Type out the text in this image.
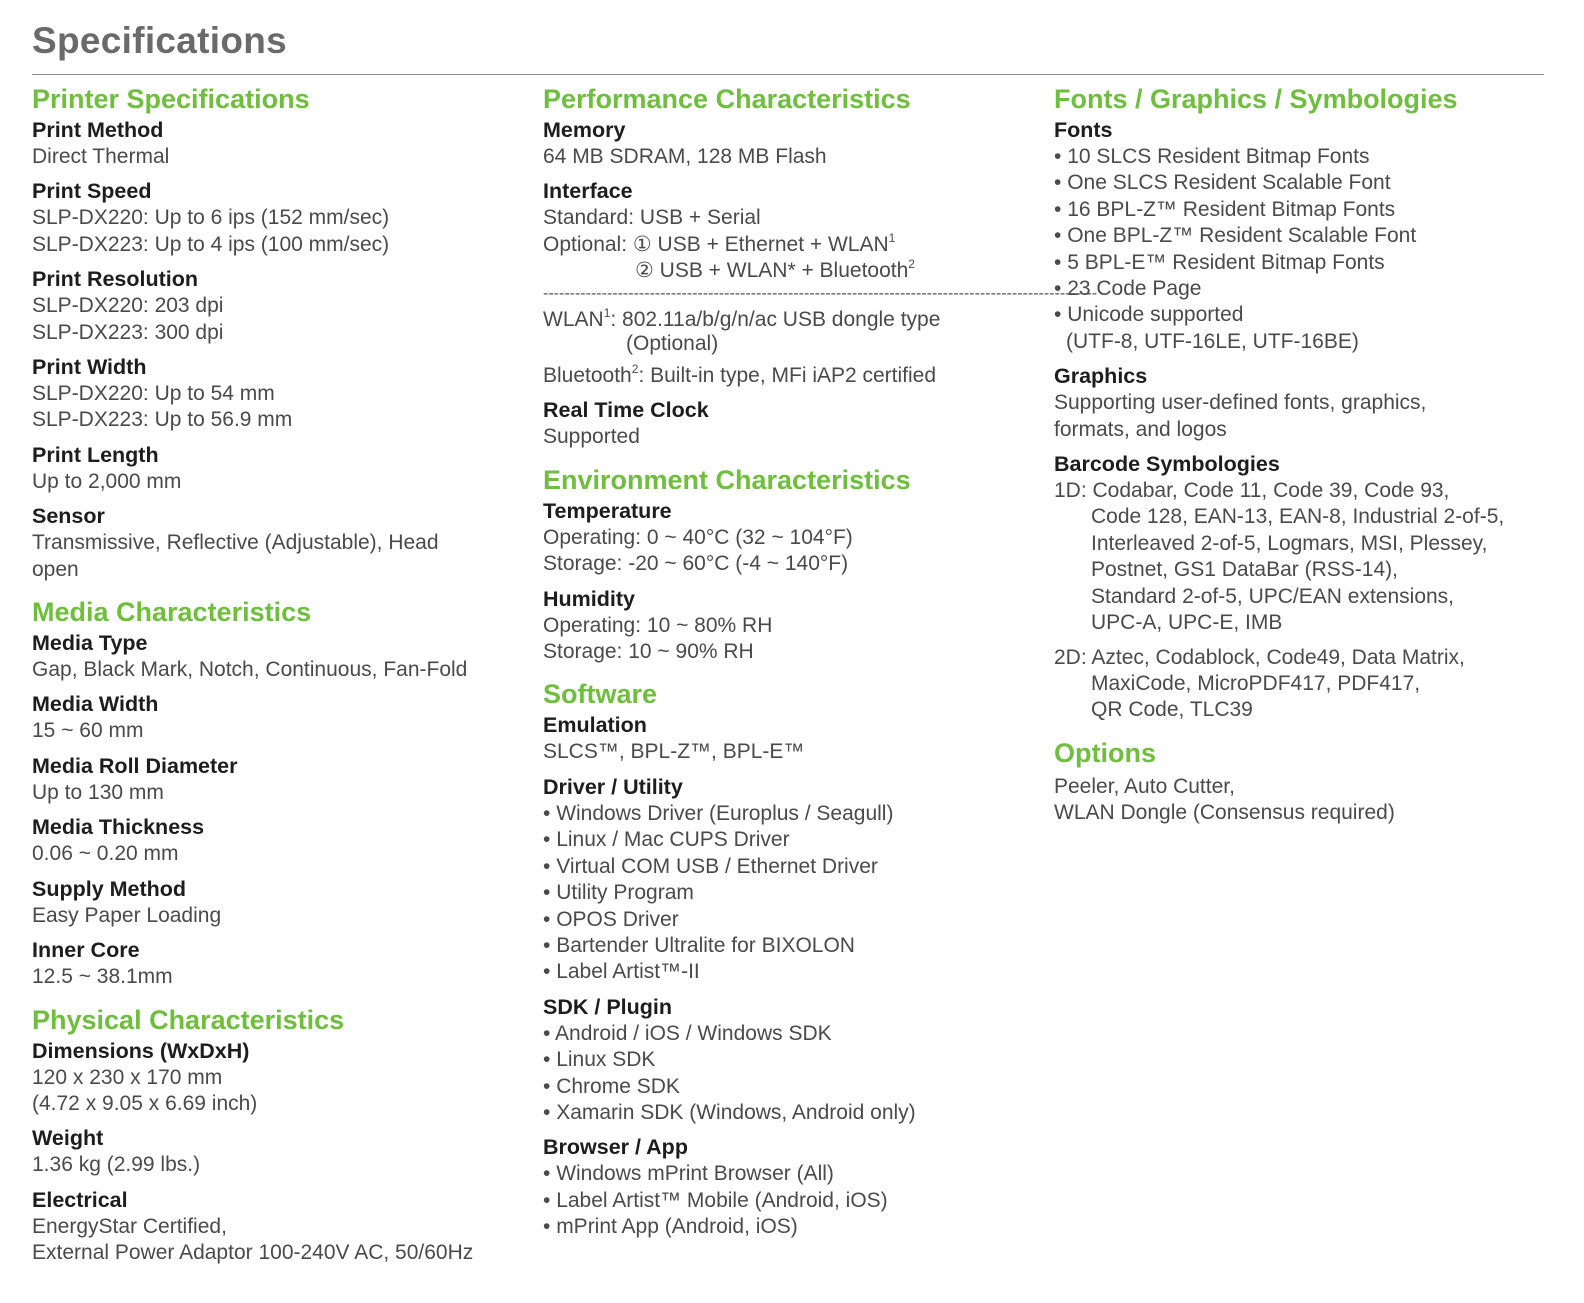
Specifications
Printer Specifications
Print Method
Direct Thermal
Print Speed
SLP-DX220: Up to 6 ips (152 mm/sec)
SLP-DX223: Up to 4 ips (100 mm/sec)
Print Resolution
SLP-DX220: 203 dpi
SLP-DX223: 300 dpi
Print Width
SLP-DX220: Up to 54 mm
SLP-DX223: Up to 56.9 mm
Print Length
Up to 2,000 mm
Sensor
Transmissive, Reflective (Adjustable), Head
open
Media Characteristics
Media Type
Gap, Black Mark, Notch, Continuous, Fan-Fold
Media Width
15 ~ 60 mm
Media Roll Diameter
Up to 130 mm
Media Thickness
0.06 ~ 0.20 mm
Supply Method
Easy Paper Loading
Inner Core
12.5 ~ 38.1mm
Physical Characteristics
Dimensions (WxDxH)
120 x 230 x 170 mm
(4.72 x 9.05 x 6.69 inch)
Weight
1.36 kg (2.99 lbs.)
Electrical
EnergyStar Certified,
External Power Adaptor 100-240V AC, 50/60Hz
Performance Characteristics
Memory
64 MB SDRAM, 128 MB Flash
Interface
Standard: USB + Serial
Optional: ① USB + Ethernet + $WLAN^1$
② USB + WLAN* + Bluetooth$^2$
--------------------------------------------------------------------------------------------------------
WLAN$^1$: 802.11a/b/g/n/ac USB dongle type
(Optional)
Bluetooth$^2$: Built-in type, MFi iAP2 certified
Real Time Clock
Supported
Environment Characteristics
Temperature
Operating: 0 ~ 40°C (32 ~ 104°F)
Storage: -20 ~ 60°C (-4 ~ 140°F)
Humidity
Operating: 10 ~ 80% RH
Storage: 10 ~ 90% RH
Software
Emulation
SLCS™, BPL-Z™, BPL-E™
Driver / Utility
• Windows Driver (Europlus / Seagull)
• Linux / Mac CUPS Driver
• Virtual COM USB / Ethernet Driver
• Utility Program
• OPOS Driver
• Bartender Ultralite for BIXOLON
• Label Artist™-II
SDK / Plugin
• Android / iOS / Windows SDK
• Linux SDK
• Chrome SDK
• Xamarin SDK (Windows, Android only)
Browser / App
• Windows mPrint Browser (All)
• Label Artist™ Mobile (Android, iOS)
• mPrint App (Android, iOS)
Fonts / Graphics / Symbologies
Fonts
• 10 SLCS Resident Bitmap Fonts
• One SLCS Resident Scalable Font
• 16 BPL-Z™ Resident Bitmap Fonts
• One BPL-Z™ Resident Scalable Font
• 5 BPL-E™ Resident Bitmap Fonts
• 23 Code Page
• Unicode supported
(UTF-8, UTF-16LE, UTF-16BE)
Graphics
Supporting user-defined fonts, graphics,
formats, and logos
Barcode Symbologies
1D: Codabar, Code 11, Code 39, Code 93,
Code 128, EAN-13, EAN-8, Industrial 2-of-5,
Interleaved 2-of-5, Logmars, MSI, Plessey,
Postnet, GS1 DataBar (RSS-14),
Standard 2-of-5, UPC/EAN extensions,
UPC-A, UPC-E, IMB
2D: Aztec, Codablock, Code49, Data Matrix,
MaxiCode, MicroPDF417, PDF417,
QR Code, TLC39
Options
Peeler, Auto Cutter,
WLAN Dongle (Consensus required)
